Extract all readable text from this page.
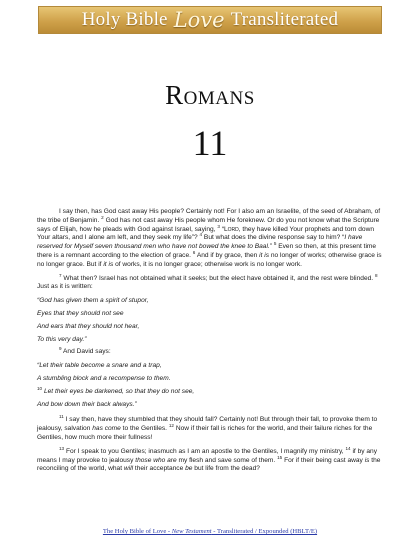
Holy Bible Love Transliterated
Romans
11

I say then, has God cast away His people? Certainly not! For I also am an Israelite, of the seed of Abraham, of the tribe of Benjamin. $^2$ God has not cast away His people whom He foreknew. Or do you not know what the Scripture says of Elijah, how he pleads with God against Israel, saying, $^3$ “Lord, they have killed Your prophets and torn down Your altars, and I alone am left, and they seek my life”? $^4$ But what does the divine response say to him? “I have reserved for Myself seven thousand men who have not bowed the knee to Baal.” $^5$ Even so then, at this present time there is a remnant according to the election of grace. $^6$ And if by grace, then it is no longer of works; otherwise grace is no longer grace. But if it is of works, it is no longer grace; otherwise work is no longer work.

$^7$ What then? Israel has not obtained what it seeks; but the elect have obtained it, and the rest were blinded. $^8$ Just as it is written:

“God has given them a spirit of stupor,

Eyes that they should not see

And ears that they should not hear,

To this very day.”

$^9$ And David says:

“Let their table become a snare and a trap,

A stumbling block and a recompense to them.

$^{10}$ Let their eyes be darkened, so that they do not see,

And bow down their back always.”

$^{11}$ I say then, have they stumbled that they should fall? Certainly not! But through their fall, to provoke them to jealousy, salvation has come to the Gentiles. $^{12}$ Now if their fall is riches for the world, and their failure riches for the Gentiles, how much more their fullness!

$^{13}$ For I speak to you Gentiles; inasmuch as I am an apostle to the Gentiles, I magnify my ministry, $^{14}$ if by any means I may provoke to jealousy those who are my flesh and save some of them. $^{15}$ For if their being cast away is the reconciling of the world, what will their acceptance be but life from the dead?

The Holy Bible of Love - New Testament - Transliterated / Expounded (HBLT/E)
